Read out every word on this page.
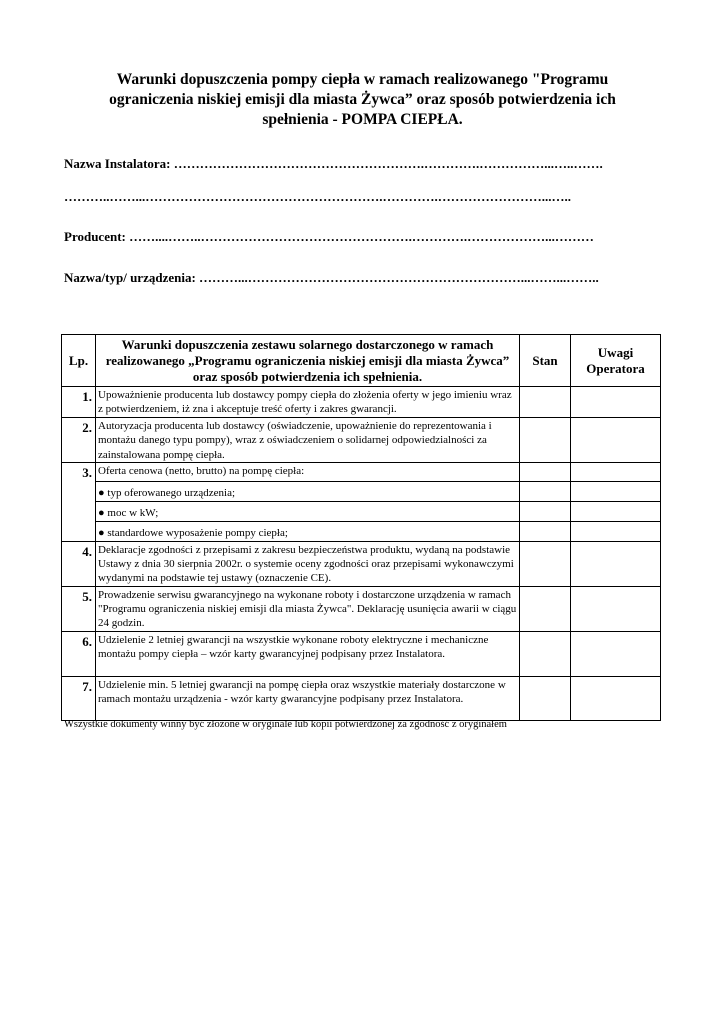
Warunki dopuszczenia pompy ciepła w ramach realizowanego "Programu ograniczenia niskiej emisji dla miasta Żywca” oraz sposób potwierdzenia ich spełnienia - POMPA CIEPŁA.
Nazwa Instalatora: ………………………………………………….………….……………...…..…….
………..……...……………………………………………….………….……………………...…..
Producent: ……....……..………………………………………….………….………………...………
Nazwa/typ/ urządzenia: ………...………………………………………………………...……...……..
Lp.	Warunki dopuszczenia zestawu solarnego dostarczonego w ramach realizowanego „Programu ograniczenia niskiej emisji dla miasta Żywca” oraz sposób potwierdzenia ich spełnienia.	Stan	Uwagi Operatora
1.	Upoważnienie producenta lub dostawcy pompy ciepła do złożenia oferty w jego imieniu wraz z potwierdzeniem, iż zna i akceptuje treść oferty i zakres gwarancji.		
2.	Autoryzacja producenta lub dostawcy (oświadczenie, upoważnienie do reprezentowania i montażu danego typu pompy), wraz z oświadczeniem o solidarnej odpowiedzialności za zainstalowana pompę ciepła.		
3.	Oferta cenowa (netto, brutto) na pompę ciepła:		
	● typ oferowanego urządzenia;		
	● moc w kW;		
	● standardowe wyposażenie pompy ciepła;		
4.	Deklaracje zgodności z przepisami z zakresu bezpieczeństwa produktu, wydaną na podstawie Ustawy z dnia 30 sierpnia 2002r. o systemie oceny zgodności oraz przepisami wykonawczymi wydanymi na podstawie tej ustawy (oznaczenie CE).		
5.	Prowadzenie serwisu gwarancyjnego na wykonane roboty i dostarczone urządzenia w ramach "Programu ograniczenia niskiej emisji dla miasta Żywca". Deklarację usunięcia awarii w ciągu 24 godzin.		
6.	Udzielenie 2 letniej gwarancji na wszystkie wykonane roboty elektryczne i mechaniczne montażu pompy ciepła – wzór karty gwarancyjnej podpisany przez Instalatora.		
7.	Udzielenie min. 5 letniej gwarancji na pompę ciepła oraz wszystkie materiały dostarczone w ramach montażu urządzenia - wzór karty gwarancyjne podpisany przez Instalatora.		
Wszystkie dokumenty winny być złożone w oryginale lub kopii potwierdzonej za zgodność z oryginałem
